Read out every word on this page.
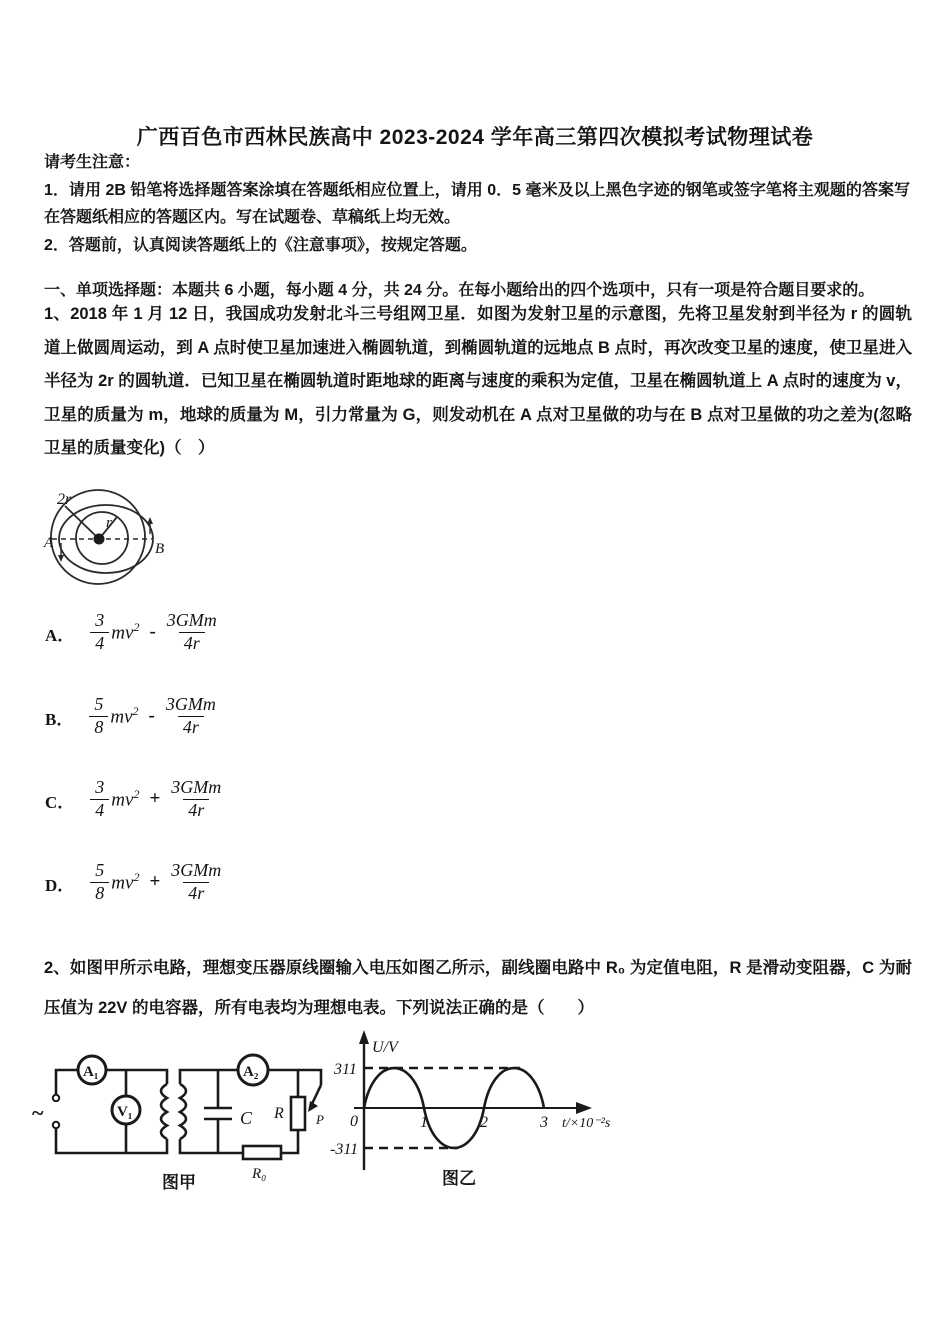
广西百色市西林民族高中 2023-2024 学年高三第四次模拟考试物理试卷

请考生注意：

1．请用 2B 铅笔将选择题答案涂填在答题纸相应位置上，请用 0．5 毫米及以上黑色字迹的钢笔或签字笔将主观题的答案写在答题纸相应的答题区内。写在试题卷、草稿纸上均无效。

2．答题前，认真阅读答题纸上的《注意事项》，按规定答题。

一、单项选择题：本题共 6 小题，每小题 4 分，共 24 分。在每小题给出的四个选项中，只有一项是符合题目要求的。

1、2018 年 1 月 12 日，我国成功发射北斗三号组网卫星．如图为发射卫星的示意图，先将卫星发射到半径为 r 的圆轨道上做圆周运动，到 A 点时使卫星加速进入椭圆轨道，到椭圆轨道的远地点 B 点时，再次改变卫星的速度，使卫星进入半径为 2r 的圆轨道．已知卫星在椭圆轨道时距地球的距离与速度的乘积为定值，卫星在椭圆轨道上 A 点时的速度为 v，卫星的质量为 m，地球的质量为 M，引力常量为 G，则发动机在 A 点对卫星做的功与在 B 点对卫星做的功之差为(忽略卫星的质量变化)（　）

2r
r
A	B
A． $\frac{3}{4} mv^2 - \frac{\text{3GMm}}{4r}$
B． $\frac{5}{8} mv^2 - \frac{\text{3GMm}}{4r}$
C． $\frac{3}{4} mv^2 + \frac{\text{3GMm}}{4r}$
D． $\frac{5}{8} mv^2 + \frac{\text{3GMm}}{4r}$

2、如图甲所示电路，理想变压器原线圈输入电压如图乙所示，副线圈电路中 R₀ 为定值电阻，R 是滑动变阻器，C 为耐压值为 22V 的电容器，所有电表均为理想电表。下列说法正确的是（　　）

~
A₁
V₁
A₂
C R P
R₀
图甲
U/V
311
-311
0	1	2	3 t/×10⁻²s
图乙
